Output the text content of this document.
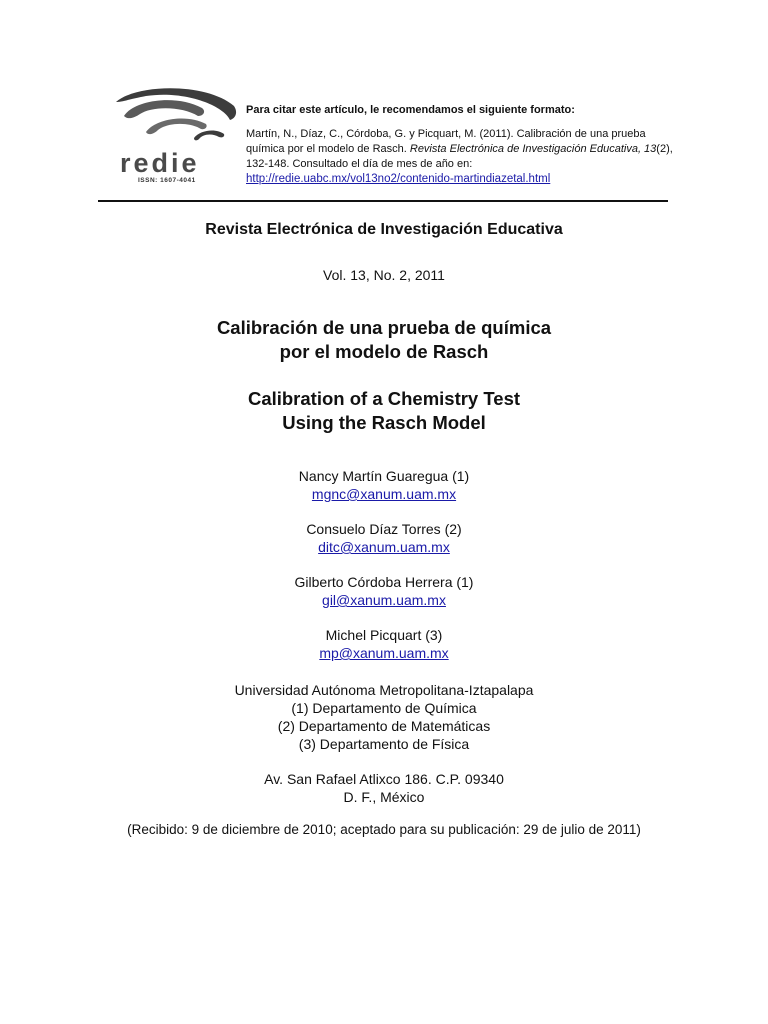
redie
ISSN: 1607-4041
Para citar este artículo, le recomendamos el siguiente formato:

Martín, N., Díaz, C., Córdoba, G. y Picquart, M. (2011). Calibración de una prueba química por el modelo de Rasch. Revista Electrónica de Investigación Educativa, 13(2), 132-148. Consultado el día de mes de año en:

http://redie.uabc.mx/vol13no2/contenido-martindiazetal.html
Revista Electrónica de Investigación Educativa
Vol. 13, No. 2, 2011
Calibración de una prueba de química
por el modelo de Rasch
Calibration of a Chemistry Test
Using the Rasch Model
Nancy Martín Guaregua (1)
mgnc@xanum.uam.mx
Consuelo Díaz Torres (2)
ditc@xanum.uam.mx
Gilberto Córdoba Herrera (1)
gil@xanum.uam.mx
Michel Picquart (3)
mp@xanum.uam.mx
Universidad Autónoma Metropolitana-Iztapalapa
(1) Departamento de Química
(2) Departamento de Matemáticas
(3) Departamento de Física
Av. San Rafael Atlixco 186. C.P. 09340
D. F., México
(Recibido: 9 de diciembre de 2010; aceptado para su publicación: 29 de julio de 2011)
